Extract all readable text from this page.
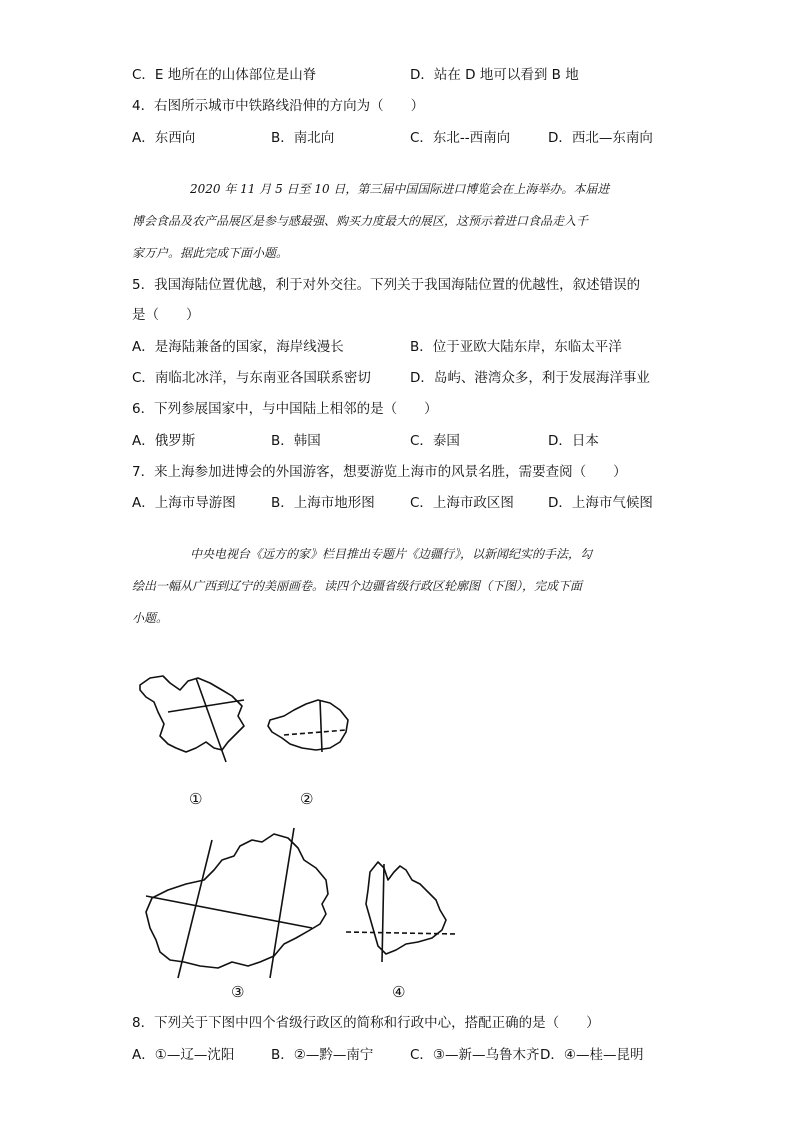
C．E 地所在的山体部位是山脊	D．站在 D 地可以看到 B 地
4．右图所示城市中铁路线沿伸的方向为（　　）
A．东西向	B．南北向	C．东北--西南向	D．西北—东南向
2020 年 11 月 5 日至 10 日，第三届中国国际进口博览会在上海举办。本届进
博会食品及农产品展区是参与感最强、购买力度最大的展区，这预示着进口食品走入千
家万户。据此完成下面小题。
5．我国海陆位置优越，利于对外交往。下列关于我国海陆位置的优越性，叙述错误的
是（　　）
A．是海陆兼备的国家，海岸线漫长	B．位于亚欧大陆东岸，东临太平洋
C．南临北冰洋，与东南亚各国联系密切	D．岛屿、港湾众多，利于发展海洋事业
6．下列参展国家中，与中国陆上相邻的是（　　）
A．俄罗斯	B．韩国	C．泰国	D．日本
7．来上海参加进博会的外国游客，想要游览上海市的风景名胜，需要查阅（　　）
A．上海市导游图	B．上海市地形图	C．上海市政区图	D．上海市气候图
中央电视台《远方的家》栏目推出专题片《边疆行》，以新闻纪实的手法，勾
绘出一幅从广西到辽宁的美丽画卷。读四个边疆省级行政区轮廓图（下图），完成下面
小题。
①	②
③	④
8．下列关于下图中四个省级行政区的简称和行政中心，搭配正确的是（　　）
A．①—辽—沈阳	B．②—黔—南宁	C．③—新—乌鲁木齐 D．④—桂—昆明
